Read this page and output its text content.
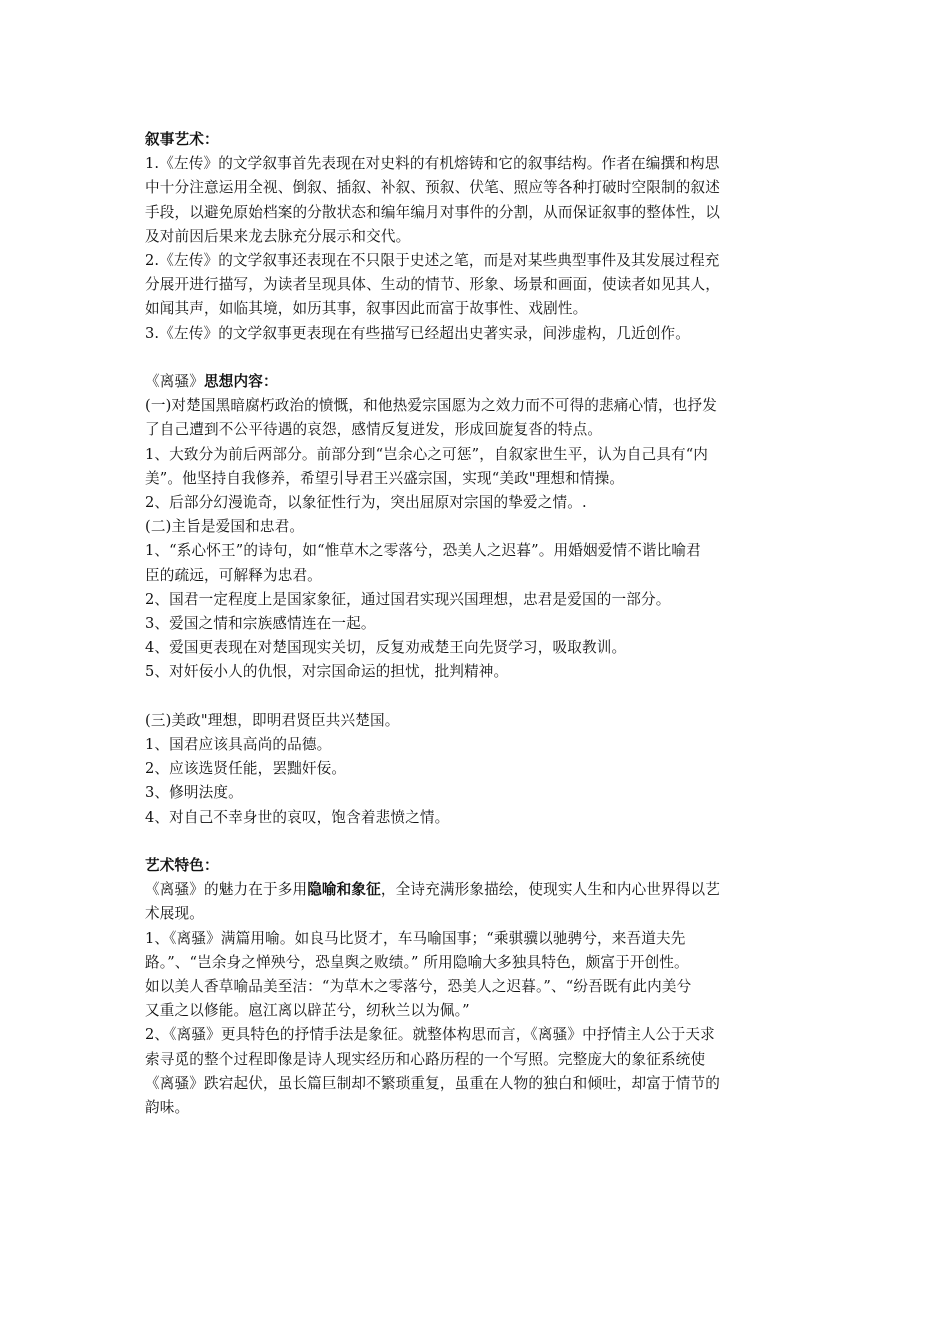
叙事艺术：
1.《左传》的文学叙事首先表现在对史料的有机熔铸和它的叙事结构。作者在编撰和构思
中十分注意运用全视、倒叙、插叙、补叙、预叙、伏笔、照应等各种打破时空限制的叙述
手段，以避免原始档案的分散状态和编年编月对事件的分割，从而保证叙事的整体性，以
及对前因后果来龙去脉充分展示和交代。
2.《左传》的文学叙事还表现在不只限于史述之笔，而是对某些典型事件及其发展过程充
分展开进行描写，为读者呈现具体、生动的情节、形象、场景和画面，使读者如见其人，
如闻其声，如临其境，如历其事，叙事因此而富于故事性、戏剧性。
3.《左传》的文学叙事更表现在有些描写已经超出史著实录，间涉虚构，几近创作。
《离骚》思想内容：
(一)对楚国黑暗腐朽政治的愤慨，和他热爱宗国愿为之效力而不可得的悲痛心情，也抒发
了自己遭到不公平待遇的哀怨，感情反复迸发，形成回旋复沓的特点。
1、大致分为前后两部分。前部分到“岂余心之可惩”，自叙家世生平，认为自己具有“内
美”。他坚持自我修养，希望引导君王兴盛宗国，实现“美政"理想和情操。
2、后部分幻漫诡奇，以象征性行为，突出屈原对宗国的挚爱之情。.
(二)主旨是爱国和忠君。
1、“系心怀王”的诗句，如“惟草木之零落兮，恐美人之迟暮”。用婚姻爱情不谐比喻君
臣的疏远，可解释为忠君。
2、国君一定程度上是国家象征，通过国君实现兴国理想，忠君是爱国的一部分。
3、爱国之情和宗族感情连在一起。
4、爱国更表现在对楚国现实关切，反复劝戒楚王向先贤学习，吸取教训。
5、对奸佞小人的仇恨，对宗国命运的担忧，批判精神。
(三)美政"理想，即明君贤臣共兴楚国。
1、国君应该具高尚的品德。
2、应该选贤任能，罢黜奸佞。
3、修明法度。
4、对自己不幸身世的哀叹，饱含着悲愤之情。
艺术特色：
《离骚》的魅力在于多用隐喻和象征，全诗充满形象描绘，使现实人生和内心世界得以艺
术展现。
1、《离骚》满篇用喻。如良马比贤才，车马喻国事；“乘骐骥以驰骋兮，来吾道夫先
路。”、“岂余身之惮殃兮，恐皇舆之败绩。” 所用隐喻大多独具特色，颇富于开创性。
如以美人香草喻品美至洁：“为草木之零落兮，恐美人之迟暮。”、“纷吾既有此内美兮
又重之以修能。扈江离以辟芷兮，纫秋兰以为佩。”
2、《离骚》更具特色的抒情手法是象征。就整体构思而言，《离骚》中抒情主人公于天求
索寻觅的整个过程即像是诗人现实经历和心路历程的一个写照。完整庞大的象征系统使
《离骚》跌宕起伏，虽长篇巨制却不繁琐重复，虽重在人物的独白和倾吐，却富于情节的
韵味。
